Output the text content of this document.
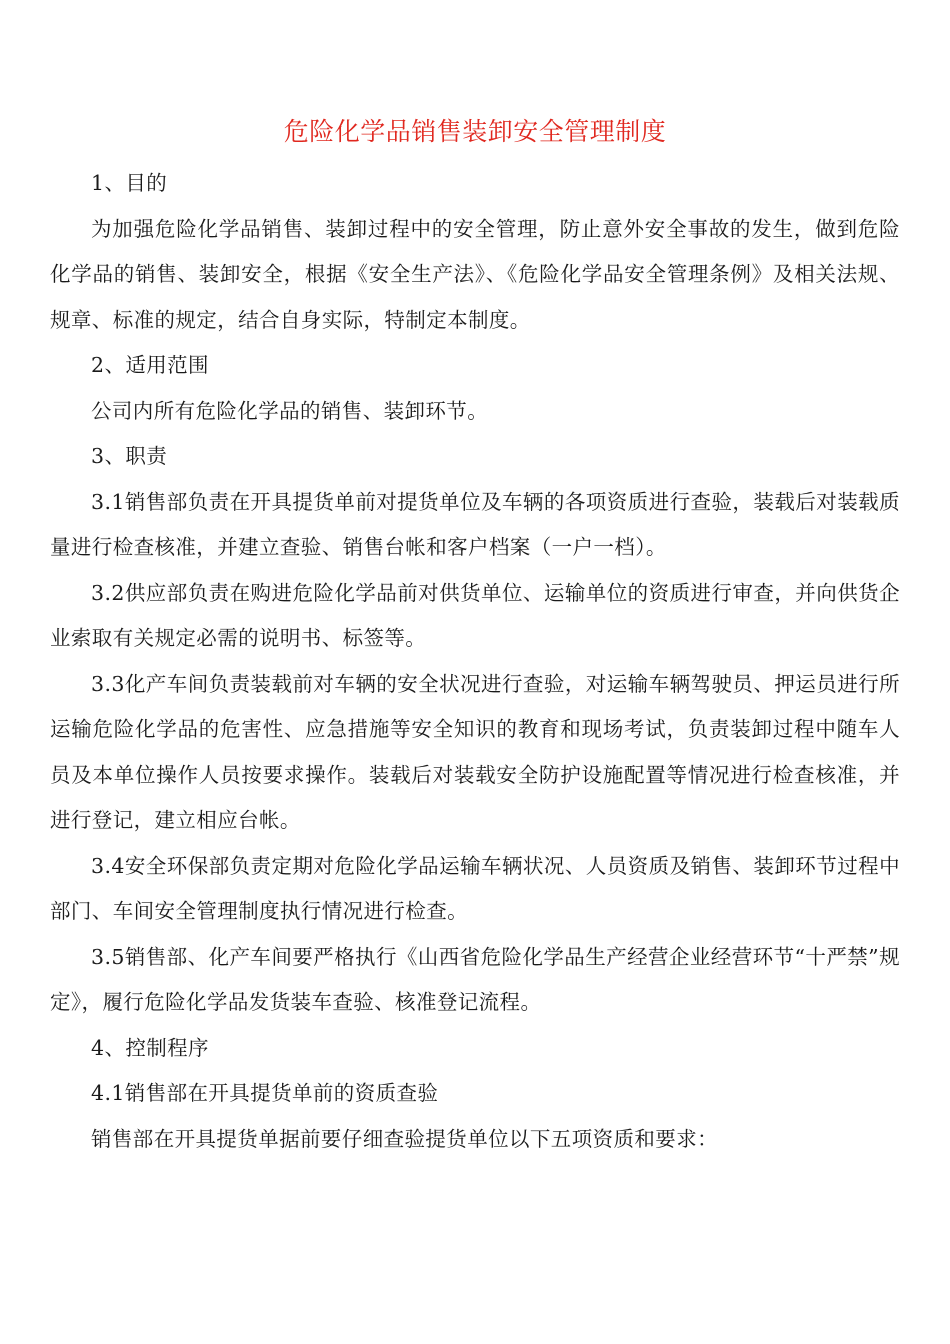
危险化学品销售装卸安全管理制度

1、目的

为加强危险化学品销售、装卸过程中的安全管理，防止意外安全事故的发生，做到危险化学品的销售、装卸安全，根据《安全生产法》、《危险化学品安全管理条例》及相关法规、规章、标准的规定，结合自身实际，特制定本制度。

2、适用范围

公司内所有危险化学品的销售、装卸环节。

3、职责

3.1销售部负责在开具提货单前对提货单位及车辆的各项资质进行查验，装载后对装载质量进行检查核准，并建立查验、销售台帐和客户档案（一户一档）。

3.2供应部负责在购进危险化学品前对供货单位、运输单位的资质进行审查，并向供货企业索取有关规定必需的说明书、标签等。

3.3化产车间负责装载前对车辆的安全状况进行查验，对运输车辆驾驶员、押运员进行所运输危险化学品的危害性、应急措施等安全知识的教育和现场考试，负责装卸过程中随车人员及本单位操作人员按要求操作。装载后对装载安全防护设施配置等情况进行检查核准，并进行登记，建立相应台帐。

3.4安全环保部负责定期对危险化学品运输车辆状况、人员资质及销售、装卸环节过程中部门、车间安全管理制度执行情况进行检查。

3.5销售部、化产车间要严格执行《山西省危险化学品生产经营企业经营环节“十严禁”规定》，履行危险化学品发货装车查验、核准登记流程。

4、控制程序

4.1销售部在开具提货单前的资质查验

销售部在开具提货单据前要仔细查验提货单位以下五项资质和要求：
